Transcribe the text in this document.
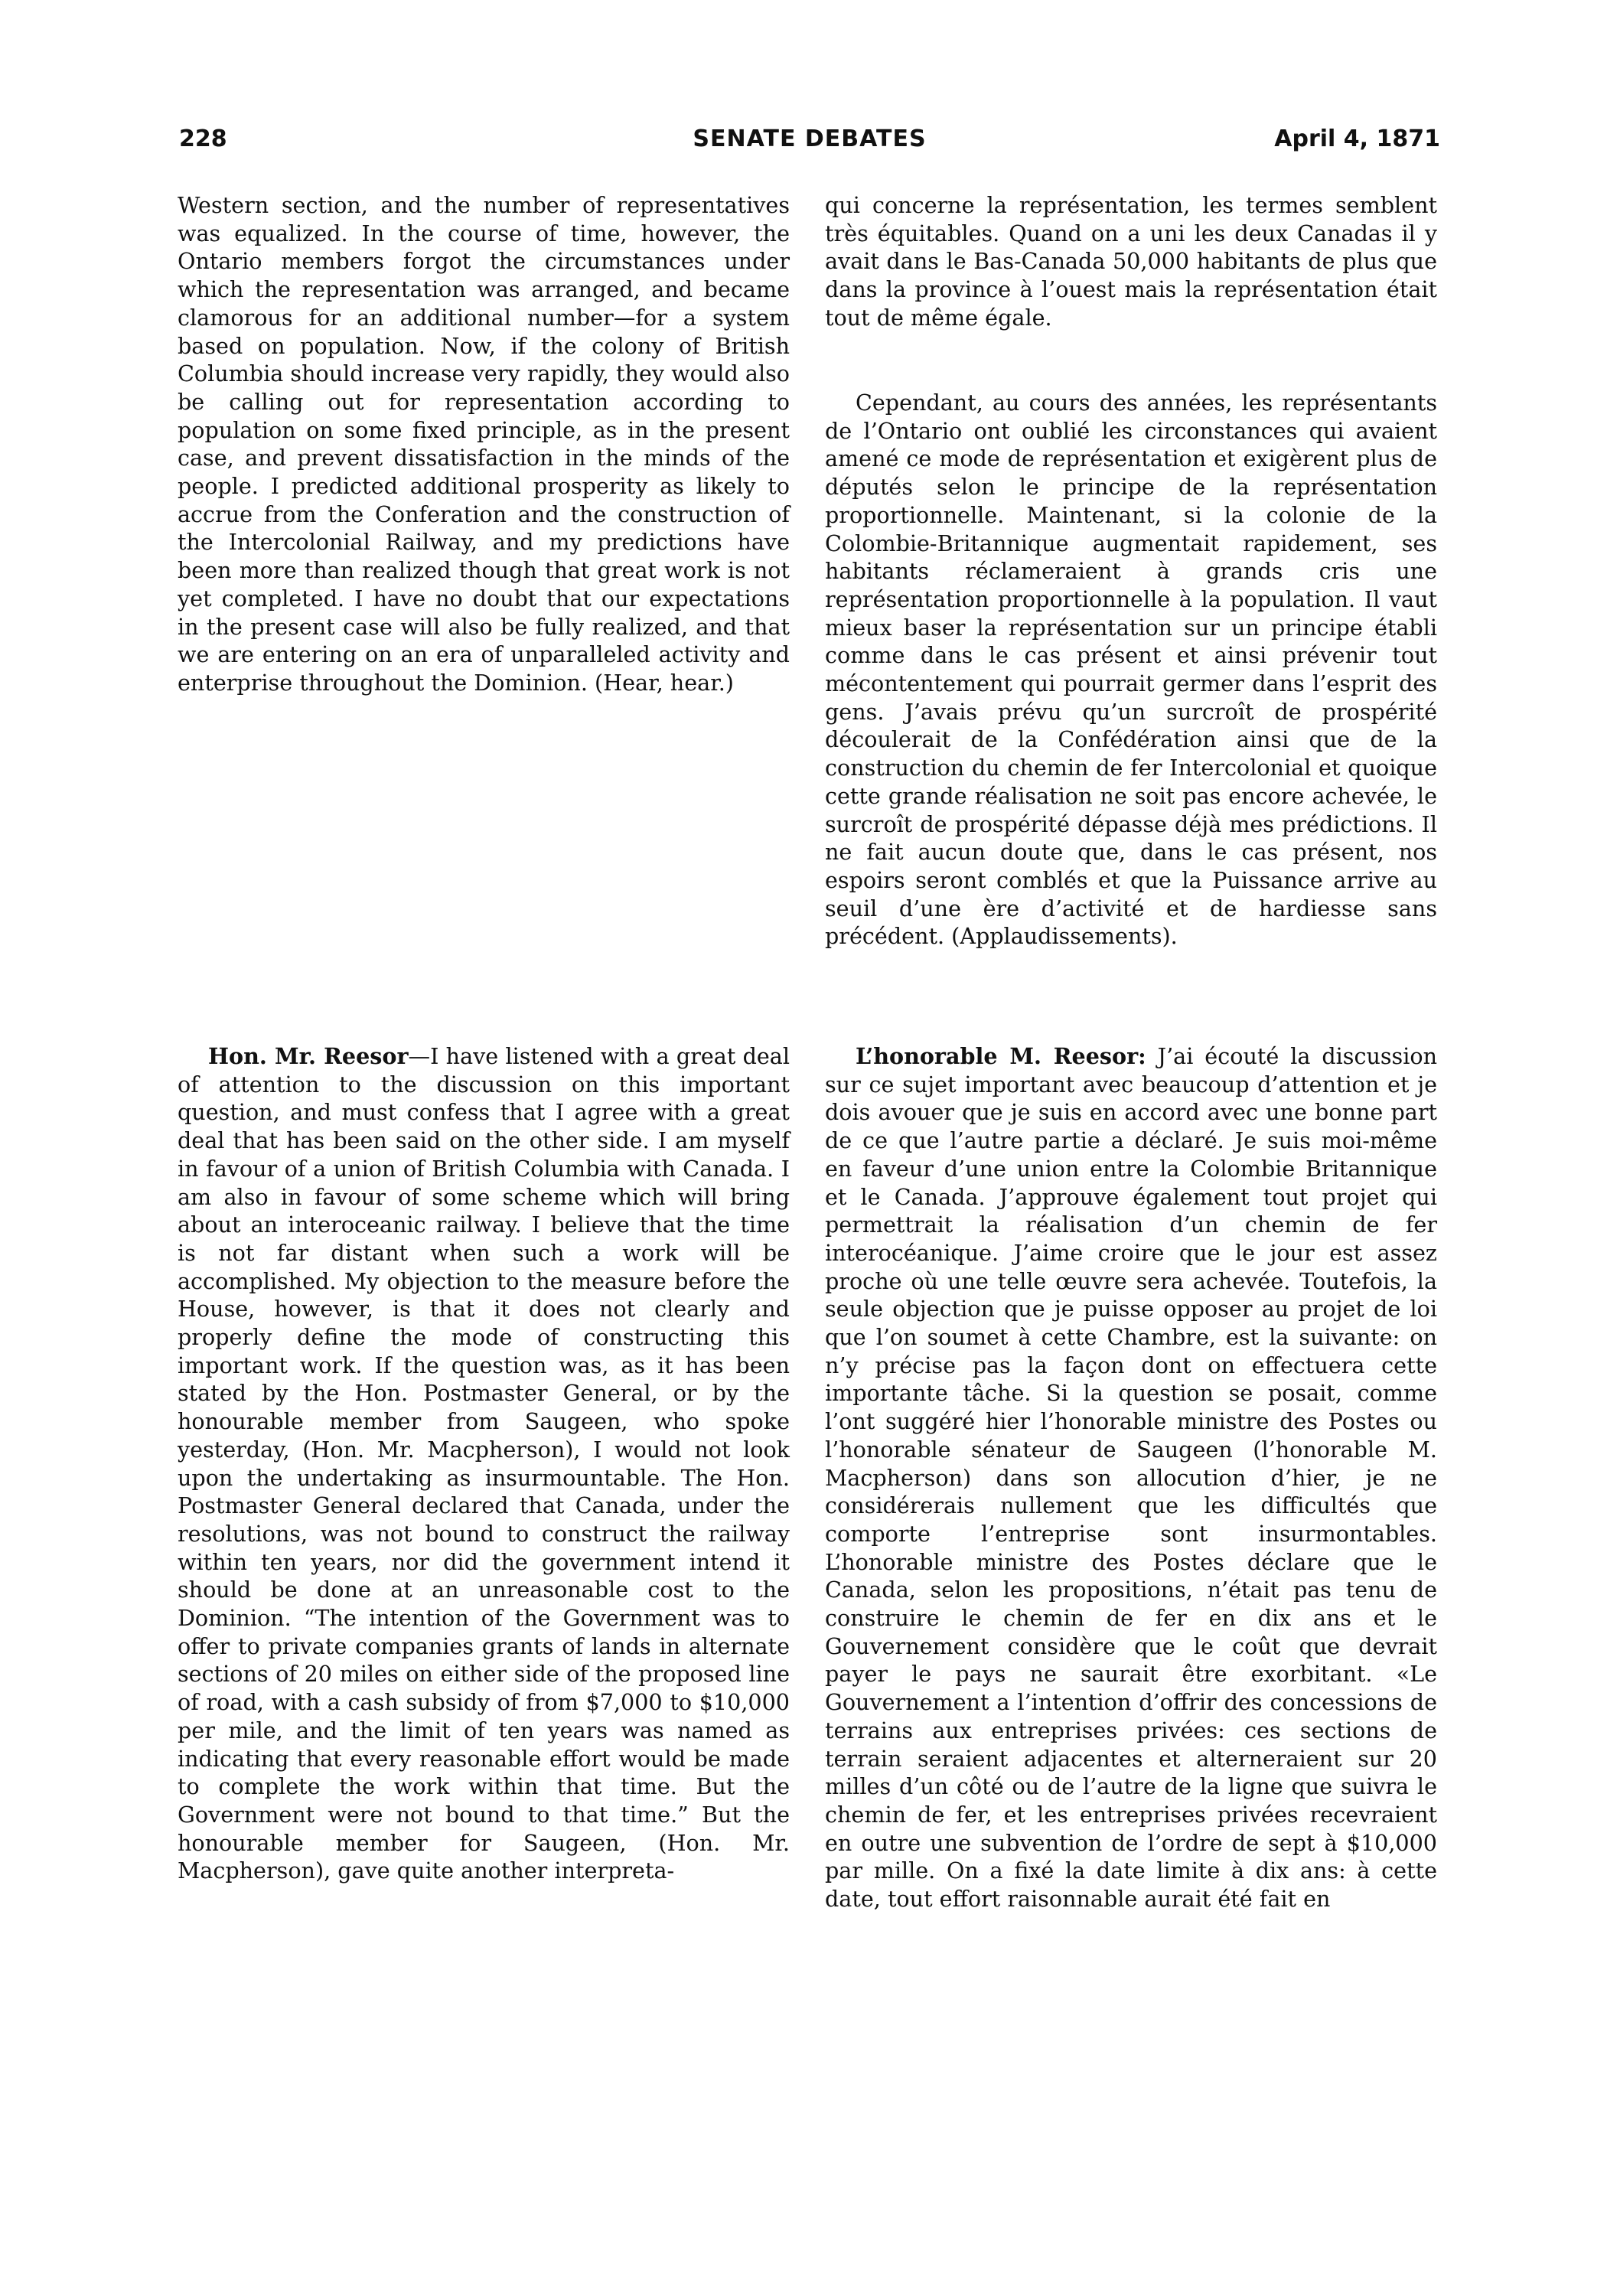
228	SENATE DEBATES	April 4, 1871

Western section, and the number of representatives was equalized. In the course of time, however, the Ontario members forgot the circumstances under which the representation was arranged, and became clamorous for an additional number—for a system based on population. Now, if the colony of British Columbia should increase very rapidly, they would also be calling out for representation according to population on some fixed principle, as in the present case, and prevent dissatisfaction in the minds of the people. I predicted additional prosperity as likely to accrue from the Conferation and the construction of the Intercolonial Railway, and my predictions have been more than realized though that great work is not yet completed. I have no doubt that our expectations in the present case will also be fully realized, and that we are entering on an era of unparalleled activity and enterprise throughout the Dominion. (Hear, hear.)

qui concerne la représentation, les termes semblent très équitables. Quand on a uni les deux Canadas il y avait dans le Bas-Canada 50,000 habitants de plus que dans la province à l’ouest mais la représentation était tout de même égale.

Cependant, au cours des années, les représentants de l’Ontario ont oublié les circonstances qui avaient amené ce mode de représentation et exigèrent plus de députés selon le principe de la représentation proportionnelle. Maintenant, si la colonie de la Colombie-Britannique augmentait rapidement, ses habitants réclameraient à grands cris une représentation proportionnelle à la population. Il vaut mieux baser la représentation sur un principe établi comme dans le cas présent et ainsi prévenir tout mécontentement qui pourrait germer dans l’esprit des gens. J’avais prévu qu’un surcroît de prospérité découlerait de la Confédération ainsi que de la construction du chemin de fer Intercolonial et quoique cette grande réalisation ne soit pas encore achevée, le surcroît de prospérité dépasse déjà mes prédictions. Il ne fait aucun doute que, dans le cas présent, nos espoirs seront comblés et que la Puissance arrive au seuil d’une ère d’activité et de hardiesse sans précédent. (Applaudissements).

Hon. Mr. Reesor—I have listened with a great deal of attention to the discussion on this important question, and must confess that I agree with a great deal that has been said on the other side. I am myself in favour of a union of British Columbia with Canada. I am also in favour of some scheme which will bring about an interoceanic railway. I believe that the time is not far distant when such a work will be accomplished. My objection to the measure before the House, however, is that it does not clearly and properly define the mode of constructing this important work. If the question was, as it has been stated by the Hon. Postmaster General, or by the honourable member from Saugeen, who spoke yesterday, (Hon. Mr. Macpherson), I would not look upon the undertaking as insurmountable. The Hon. Postmaster General declared that Canada, under the resolutions, was not bound to construct the railway within ten years, nor did the government intend it should be done at an unreasonable cost to the Dominion. “The intention of the Government was to offer to private companies grants of lands in alternate sections of 20 miles on either side of the proposed line of road, with a cash subsidy of from $7,000 to $10,000 per mile, and the limit of ten years was named as indicating that every reasonable effort would be made to complete the work within that time. But the Government were not bound to that time.” But the honourable member for Saugeen, (Hon. Mr. Macpherson), gave quite another interpreta-

L’honorable M. Reesor: J’ai écouté la discussion sur ce sujet important avec beaucoup d’attention et je dois avouer que je suis en accord avec une bonne part de ce que l’autre partie a déclaré. Je suis moi-même en faveur d’une union entre la Colombie Britannique et le Canada. J’approuve également tout projet qui permettrait la réalisation d’un chemin de fer interocéanique. J’aime croire que le jour est assez proche où une telle œuvre sera achevée. Toutefois, la seule objection que je puisse opposer au projet de loi que l’on soumet à cette Chambre, est la suivante: on n’y précise pas la façon dont on effectuera cette importante tâche. Si la question se posait, comme l’ont suggéré hier l’honorable ministre des Postes ou l’honorable sénateur de Saugeen (l’honorable M. Macpherson) dans son allocution d’hier, je ne considérerais nullement que les difficultés que comporte l’entreprise sont insurmontables. L’honorable ministre des Postes déclare que le Canada, selon les propositions, n’était pas tenu de construire le chemin de fer en dix ans et le Gouvernement considère que le coût que devrait payer le pays ne saurait être exorbitant. «Le Gouvernement a l’intention d’offrir des concessions de terrains aux entreprises privées: ces sections de terrain seraient adjacentes et alterneraient sur 20 milles d’un côté ou de l’autre de la ligne que suivra le chemin de fer, et les entreprises privées recevraient en outre une subvention de l’ordre de sept à $10,000 par mille. On a fixé la date limite à dix ans: à cette date, tout effort raisonnable aurait été fait en
